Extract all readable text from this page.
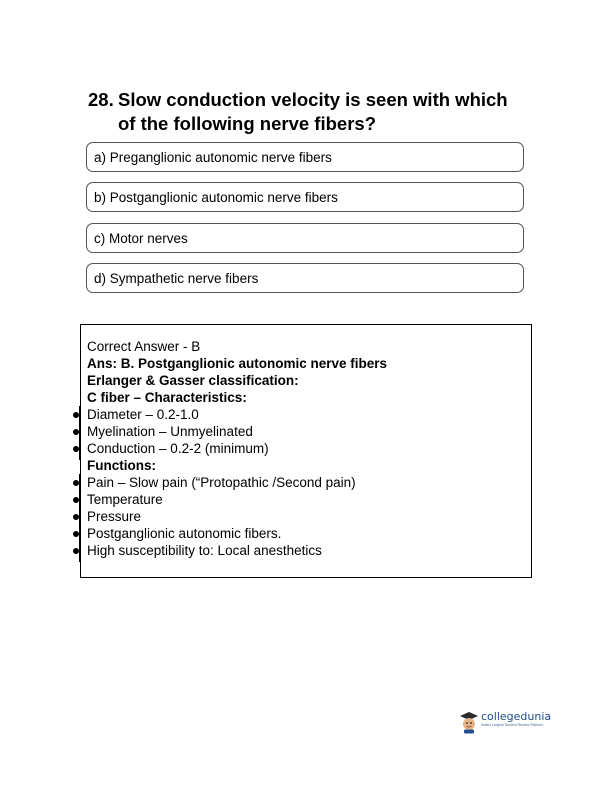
28. Slow conduction velocity is seen with which of the following nerve fibers?
a) Preganglionic autonomic nerve fibers
b) Postganglionic autonomic nerve fibers
c) Motor nerves
d) Sympathetic nerve fibers
Correct Answer - B
Ans: B. Postganglionic autonomic nerve fibers
Erlanger & Gasser classification:
C fiber – Characteristics:
Diameter – 0.2-1.0
Myelination – Unmyelinated
Conduction – 0.2-2 (minimum)
Functions:
Pain – Slow pain (“Protopathic /Second pain)
Temperature
Pressure
Postganglionic autonomic fibers.
High susceptibility to: Local anesthetics
collegedunia
India's Largest Student Review Platform
